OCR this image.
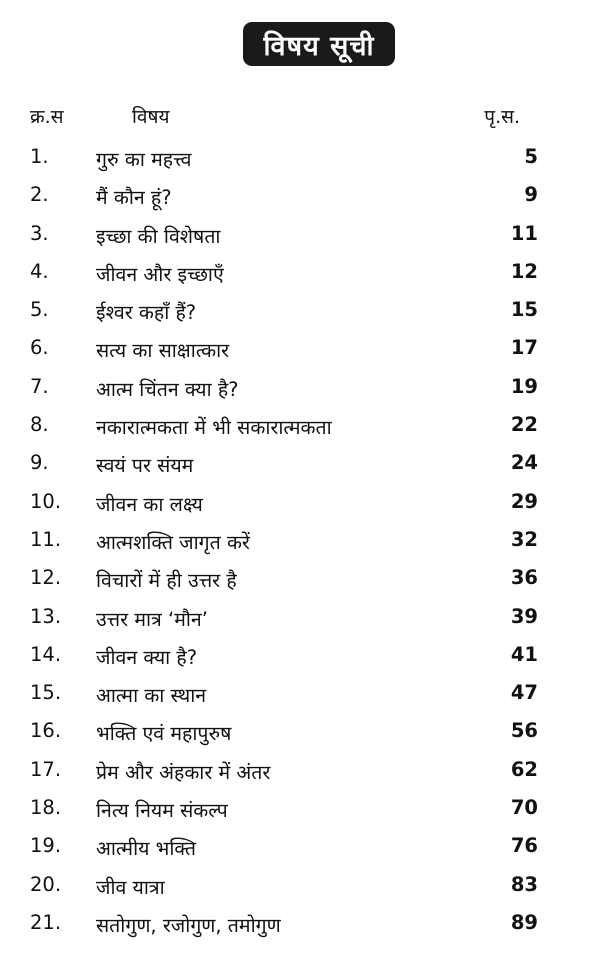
विषय सूची
क्र.स	विषय	पृ.स.
1. गुरु का महत्त्व	5
2. मैं कौन हूं?	9
3. इच्छा की विशेषता	11
4. जीवन और इच्छाएँ	12
5. ईश्वर कहाँ हैं?	15
6. सत्य का साक्षात्कार	17
7. आत्म चिंतन क्या है?	19
8. नकारात्मकता में भी सकारात्मकता	22
9. स्वयं पर संयम	24
10. जीवन का लक्ष्य	29
11. आत्मशक्ति जागृत करें	32
12. विचारों में ही उत्तर है	36
13. उत्तर मात्र ‘मौन’	39
14. जीवन क्या है?	41
15. आत्मा का स्थान	47
16. भक्ति एवं महापुरुष	56
17. प्रेम और अंहकार में अंतर	62
18. नित्य नियम संकल्प	70
19. आत्मीय भक्ति	76
20. जीव यात्रा	83
21. सतोगुण, रजोगुण, तमोगुण	89
